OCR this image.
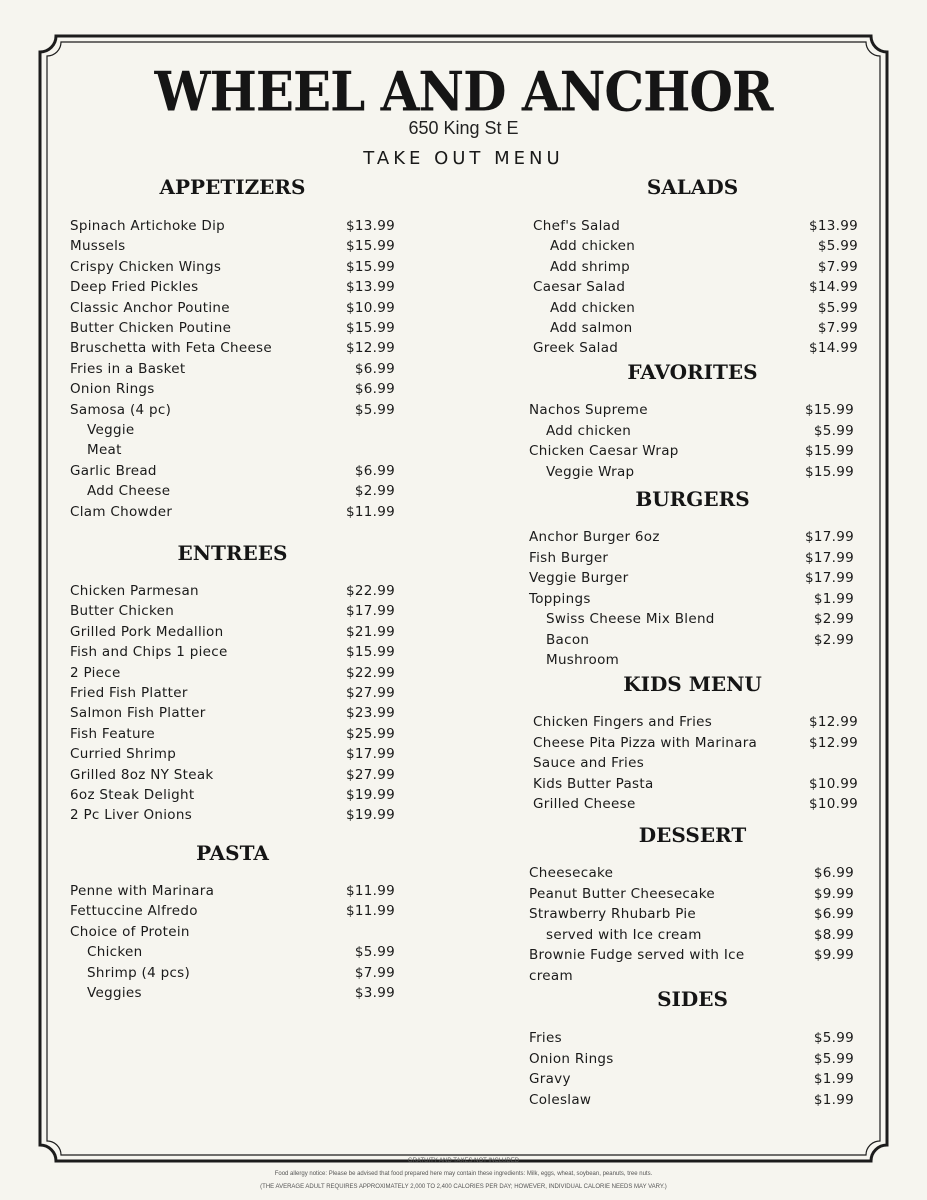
WHEEL AND ANCHOR
650 King St E
TAKE OUT MENU
APPETIZERS
Spinach Artichoke Dip	$13.99
Mussels	$15.99
Crispy Chicken Wings	$15.99
Deep Fried Pickles	$13.99
Classic Anchor Poutine	$10.99
Butter Chicken Poutine	$15.99
Bruschetta with Feta Cheese	$12.99
Fries in a Basket	$6.99
Onion Rings	$6.99
Samosa (4 pc)	$5.99
Veggie
Meat
Garlic Bread	$6.99
Add Cheese	$2.99
Clam Chowder	$11.99
ENTREES
Chicken Parmesan	$22.99
Butter Chicken	$17.99
Grilled Pork Medallion	$21.99
Fish and Chips 1 piece	$15.99
2 Piece	$22.99
Fried Fish Platter	$27.99
Salmon Fish Platter	$23.99
Fish Feature	$25.99
Curried Shrimp	$17.99
Grilled 8oz NY Steak	$27.99
6oz Steak Delight	$19.99
2 Pc Liver Onions	$19.99
PASTA
Penne with Marinara	$11.99
Fettuccine Alfredo	$11.99
Choice of Protein
Chicken	$5.99
Shrimp (4 pcs)	$7.99
Veggies	$3.99
SALADS
Chef's Salad	$13.99
Add chicken	$5.99
Add shrimp	$7.99
Caesar Salad	$14.99
Add chicken	$5.99
Add salmon	$7.99
Greek Salad	$14.99
FAVORITES
Nachos Supreme	$15.99
Add chicken	$5.99
Chicken Caesar Wrap	$15.99
Veggie Wrap	$15.99
BURGERS
Anchor Burger 6oz	$17.99
Fish Burger	$17.99
Veggie Burger	$17.99
Toppings	$1.99
Swiss Cheese Mix Blend	$2.99
Bacon	$2.99
Mushroom
KIDS MENU
Chicken Fingers and Fries	$12.99
Cheese Pita Pizza with Marinara	$12.99
Sauce and Fries
Kids Butter Pasta	$10.99
Grilled Cheese	$10.99
DESSERT
Cheesecake	$6.99
Peanut Butter Cheesecake	$9.99
Strawberry Rhubarb Pie	$6.99
served with Ice cream	$8.99
Brownie Fudge served with Ice	$9.99
cream
SIDES
Fries	$5.99
Onion Rings	$5.99
Gravy	$1.99
Coleslaw	$1.99
GRATUITY AND TAXES NOT INCLUDED
Food allergy notice: Please be advised that food prepared here may contain these ingredients: Milk, eggs, wheat, soybean, peanuts, tree nuts.
(THE AVERAGE ADULT REQUIRES APPROXIMATELY 2,000 TO 2,400 CALORIES PER DAY; HOWEVER, INDIVIDUAL CALORIE NEEDS MAY VARY.)
